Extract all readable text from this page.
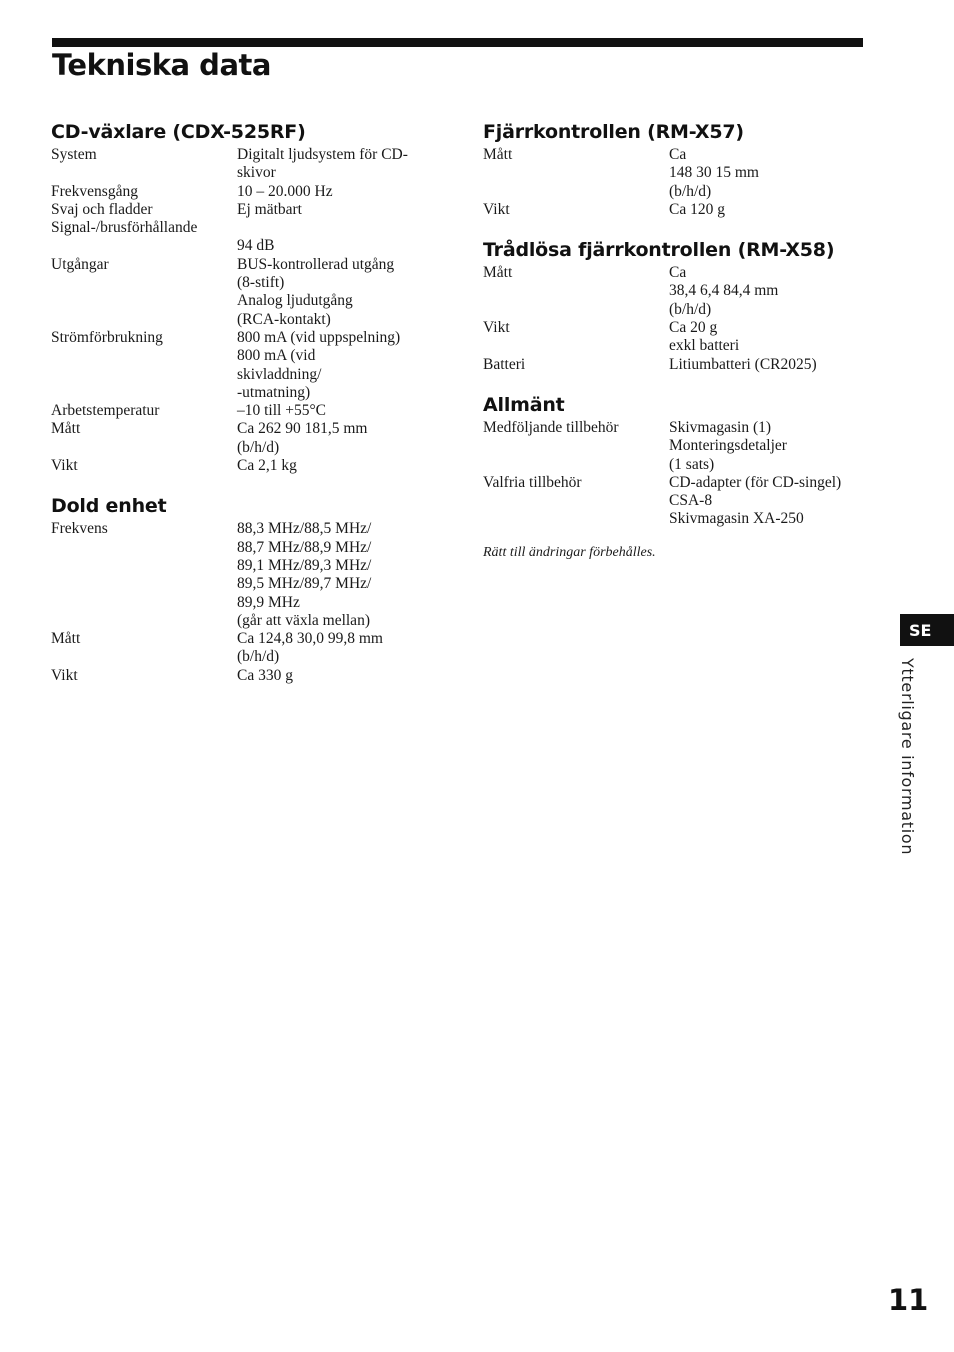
Tekniska data
CD-växlare (CDX-525RF)
System	Digitalt ljudsystem för CD-
skivor
Frekvensgång	10 – 20.000 Hz
Svaj och fladder	Ej mätbart
Signal-/brusförhållande
94 dB
Utgångar	BUS-kontrollerad utgång
(8-stift)
Analog ljudutgång
(RCA-kontakt)
Strömförbrukning	800 mA (vid uppspelning)
800 mA (vid
skivladdning/
-utmatning)
Arbetstemperatur	–10 till +55°C
Mått	Ca 262 90 181,5 mm
(b/h/d)
Vikt	Ca 2,1 kg
Dold enhet
Frekvens	88,3 MHz/88,5 MHz/
88,7 MHz/88,9 MHz/
89,1 MHz/89,3 MHz/
89,5 MHz/89,7 MHz/
89,9 MHz
(går att växla mellan)
Mått	Ca 124,8 30,0 99,8 mm
(b/h/d)
Vikt	Ca 330 g
Fjärrkontrollen (RM-X57)
Mått	Ca
148 30 15 mm
(b/h/d)
Vikt	Ca 120 g
Trådlösa fjärrkontrollen (RM-X58)
Mått	Ca
38,4 6,4 84,4 mm
(b/h/d)
Vikt	Ca 20 g
exkl batteri
Batteri	Litiumbatteri (CR2025)
Allmänt
Medföljande tillbehör	Skivmagasin (1)
Monteringsdetaljer
(1 sats)
Valfria tillbehör	CD-adapter (för CD-singel)
CSA-8
Skivmagasin XA-250
Rätt till ändringar förbehålles.
SE
Ytterligare information
11
